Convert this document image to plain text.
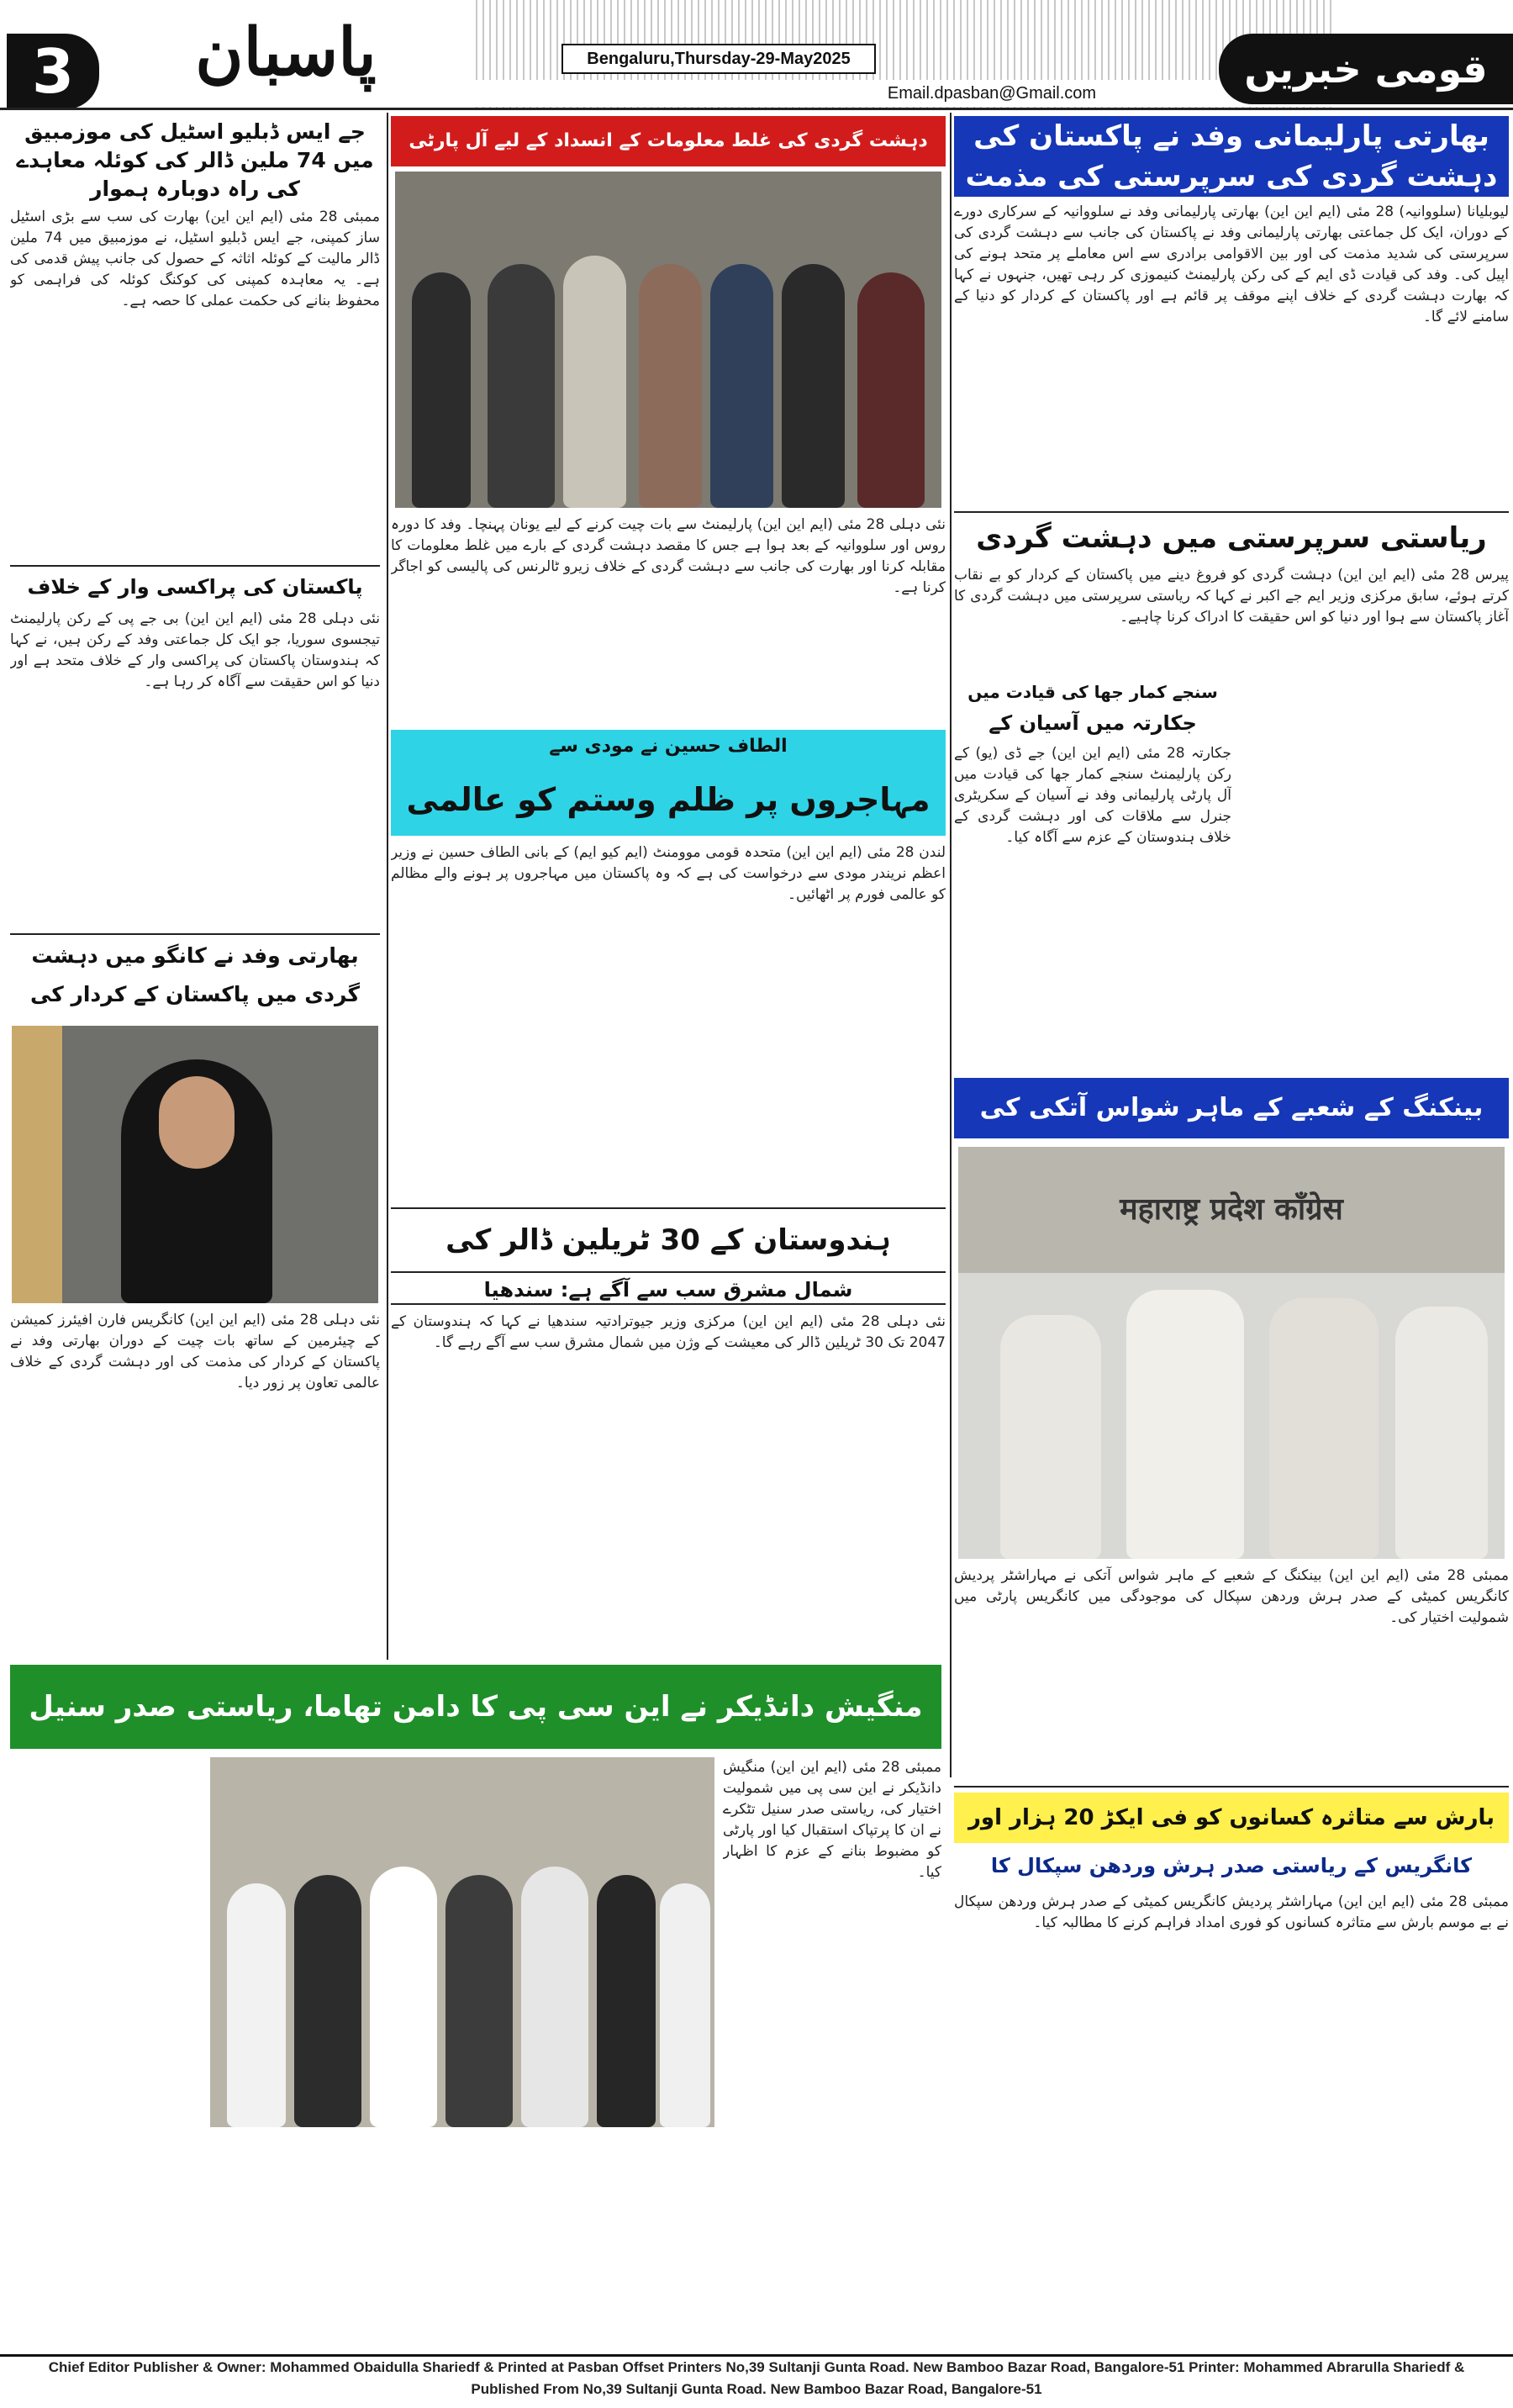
3	پاسبان	Bengaluru,Thursday-29-May2025
Email.dpasban@Gmail.com
قومی خبریں
بھارتی پارلیمانی وفد نے پاکستان کی دہشت گردی کی سرپرستی کی مذمت
لیوبلیانا (سلووانیہ) 28 مئی (ایم این این) بھارتی پارلیمانی وفد نے سلووانیہ کے سرکاری دورے کے دوران، ایک کل جماعتی بھارتی پارلیمانی وفد نے پاکستان کی جانب سے دہشت گردی کی سرپرستی کی شدید مذمت کی اور بین الاقوامی برادری سے اس معاملے پر متحد ہونے کی اپیل کی۔ وفد کی قیادت ڈی ایم کے کی رکن پارلیمنٹ کنیموزی کر رہی تھیں، جنہوں نے کہا کہ بھارت دہشت گردی کے خلاف اپنے موقف پر قائم ہے اور پاکستان کے کردار کو دنیا کے سامنے لائے گا۔
ریاستی سرپرستی میں دہشت گردی
پیرس 28 مئی (ایم این این) دہشت گردی کو فروغ دینے میں پاکستان کے کردار کو بے نقاب کرتے ہوئے، سابق مرکزی وزیر ایم جے اکبر نے کہا کہ ریاستی سرپرستی میں دہشت گردی کا آغاز پاکستان سے ہوا اور دنیا کو اس حقیقت کا ادراک کرنا چاہیے۔
سنجے کمار جھا کی قیادت میں
جکارتہ میں آسیان کے
جکارتہ 28 مئی (ایم این این) جے ڈی (یو) کے رکن پارلیمنٹ سنجے کمار جھا کی قیادت میں آل پارٹی پارلیمانی وفد نے آسیان کے سکریٹری جنرل سے ملاقات کی اور دہشت گردی کے خلاف ہندوستان کے عزم سے آگاہ کیا۔
بینکنگ کے شعبے کے ماہر شواس آتکی کی
महाराष्ट्र प्रदेश काँग्रेस
ممبئی 28 مئی (ایم این این) بینکنگ کے شعبے کے ماہر شواس آتکی نے مہاراشٹر پردیش کانگریس کمیٹی کے صدر ہرش وردھن سپکال کی موجودگی میں کانگریس پارٹی میں شمولیت اختیار کی۔
دہشت گردی کی غلط معلومات کے انسداد کے لیے آل پارٹی
نئی دہلی 28 مئی (ایم این این) پارلیمنٹ سے بات چیت کرنے کے لیے یونان پہنچا۔ وفد کا دورہ روس اور سلووانیہ کے بعد ہوا ہے جس کا مقصد دہشت گردی کے بارے میں غلط معلومات کا مقابلہ کرنا اور بھارت کی جانب سے دہشت گردی کے خلاف زیرو ٹالرنس کی پالیسی کو اجاگر کرنا ہے۔
الطاف حسین نے مودی سے
مہاجروں پر ظلم وستم کو عالمی
لندن 28 مئی (ایم این این) متحدہ قومی موومنٹ (ایم کیو ایم) کے بانی الطاف حسین نے وزیر اعظم نریندر مودی سے درخواست کی ہے کہ وہ پاکستان میں مہاجروں پر ہونے والے مظالم کو عالمی فورم پر اٹھائیں۔
ہندوستان کے 30 ٹریلین ڈالر کی
شمال مشرق سب سے آگے ہے: سندھیا
نئی دہلی 28 مئی (ایم این این) مرکزی وزیر جیوترادتیہ سندھیا نے کہا کہ ہندوستان کے 2047 تک 30 ٹریلین ڈالر کی معیشت کے وژن میں شمال مشرق سب سے آگے رہے گا۔
جے ایس ڈبلیو اسٹیل کی موزمبیق میں 74 ملین ڈالر کی کوئلہ معاہدے کی راہ دوبارہ ہموار
ممبئی 28 مئی (ایم این این) بھارت کی سب سے بڑی اسٹیل ساز کمپنی، جے ایس ڈبلیو اسٹیل، نے موزمبیق میں 74 ملین ڈالر مالیت کے کوئلہ اثاثہ کے حصول کی جانب پیش قدمی کی ہے۔ یہ معاہدہ کمپنی کی کوکنگ کوئلہ کی فراہمی کو محفوظ بنانے کی حکمت عملی کا حصہ ہے۔
پاکستان کی پراکسی وار کے خلاف
نئی دہلی 28 مئی (ایم این این) بی جے پی کے رکن پارلیمنٹ تیجسوی سوریا، جو ایک کل جماعتی وفد کے رکن ہیں، نے کہا کہ ہندوستان پاکستان کی پراکسی وار کے خلاف متحد ہے اور دنیا کو اس حقیقت سے آگاہ کر رہا ہے۔
بھارتی وفد نے کانگو میں دہشت گردی میں پاکستان کے کردار کی
نئی دہلی 28 مئی (ایم این این) کانگریس فارن افیئرز کمیشن کے چیئرمین کے ساتھ بات چیت کے دوران بھارتی وفد نے پاکستان کے کردار کی مذمت کی اور دہشت گردی کے خلاف عالمی تعاون پر زور دیا۔
منگیش دانڈیکر نے این سی پی کا دامن تھاما، ریاستی صدر سنیل
ممبئی 28 مئی (ایم این این) منگیش دانڈیکر نے این سی پی میں شمولیت اختیار کی، ریاستی صدر سنیل تٹکرے نے ان کا پرتپاک استقبال کیا اور پارٹی کو مضبوط بنانے کے عزم کا اظہار کیا۔
بارش سے متاثرہ کسانوں کو فی ایکڑ 20 ہزار اور
کانگریس کے ریاستی صدر ہرش وردھن سپکال کا
ممبئی 28 مئی (ایم این این) مہاراشٹر پردیش کانگریس کمیٹی کے صدر ہرش وردھن سپکال نے بے موسم بارش سے متاثرہ کسانوں کو فوری امداد فراہم کرنے کا مطالبہ کیا۔
Chief Editor Publisher & Owner: Mohammed Obaidulla Shariedf & Printed at Pasban Offset Printers No,39 Sultanji Gunta Road. New Bamboo Bazar Road, Bangalore-51 Printer: Mohammed Abrarulla Shariedf &
Published From No,39 Sultanji Gunta Road. New Bamboo Bazar Road, Bangalore-51
